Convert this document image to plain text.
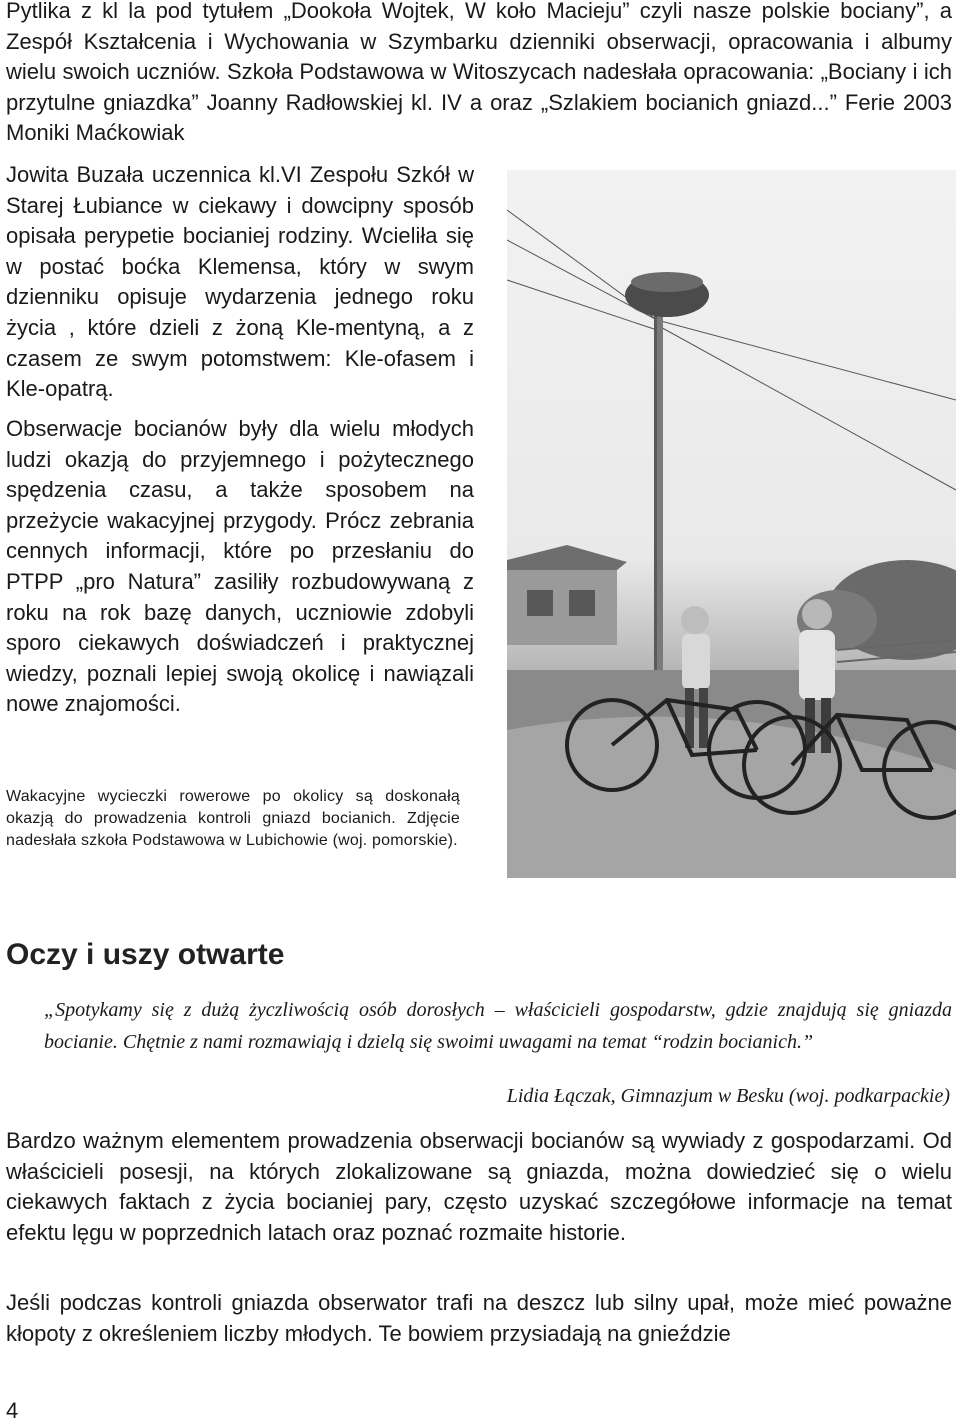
Pytlika z kl la pod tytułem „Dookoła Wojtek, W koło Macieju” czyli nasze polskie bociany”, a Zespół Kształcenia i Wychowania w Szymbarku dzienniki obserwacji, opracowania i albumy wielu swoich uczniów. Szkoła Podstawowa w Witoszycach nadesłała opracowania: „Bociany i ich przytulne gniazdka” Joanny Radłowskiej kl. IV a oraz „Szlakiem bocianich gniazd...” Ferie 2003 Moniki Maćkowiak

Jowita Buzała uczennica kl.VI Zespołu Szkół w Starej Łubiance w ciekawy i dowcipny sposób opisała perypetie bocianiej rodziny. Wcieliła się w postać boćka Klemensa, który w swym dzienniku opisuje wydarzenia jednego roku życia , które dzieli z żoną Kle-mentyną, a z czasem ze swym potomstwem: Kle-ofasem i Kle-opatrą.

Obserwacje bocianów były dla wielu młodych ludzi okazją do przyjemnego i pożytecznego spędzenia czasu, a także sposobem na przeżycie wakacyjnej przygody. Prócz zebrania cennych informacji, które po przesłaniu do PTPP „pro Natura” zasiliły rozbudowywaną z roku na rok bazę danych, uczniowie zdobyli sporo ciekawych doświadczeń i praktycznej wiedzy, poznali lepiej swoją okolicę i nawiązali nowe znajomości.

Wakacyjne wycieczki rowerowe po okolicy są doskonałą okazją do prowadzenia kontroli gniazd bocianich. Zdjęcie nadesłała szkoła Podstawowa w Lubichowie (woj. pomorskie).

Oczy i uszy otwarte

„Spotykamy się z dużą życzliwością osób dorosłych – właścicieli gospodarstw, gdzie znajdują się gniazda bocianie. Chętnie z nami rozmawiają i dzielą się swoimi uwagami na temat “rodzin bocianich.”

Lidia Łączak, Gimnazjum w Besku (woj. podkarpackie)

Bardzo ważnym elementem prowadzenia obserwacji bocianów są wywiady z gospodarzami. Od właścicieli posesji, na których zlokalizowane są gniazda, można dowiedzieć się o wielu ciekawych faktach z życia bocianiej pary, często uzyskać szczegółowe informacje na temat efektu lęgu w poprzednich latach oraz poznać rozmaite historie.

Jeśli podczas kontroli gniazda obserwator trafi na deszcz lub silny upał, może mieć poważne kłopoty z określeniem liczby młodych. Te bowiem przysiadają na gnieździe

4
